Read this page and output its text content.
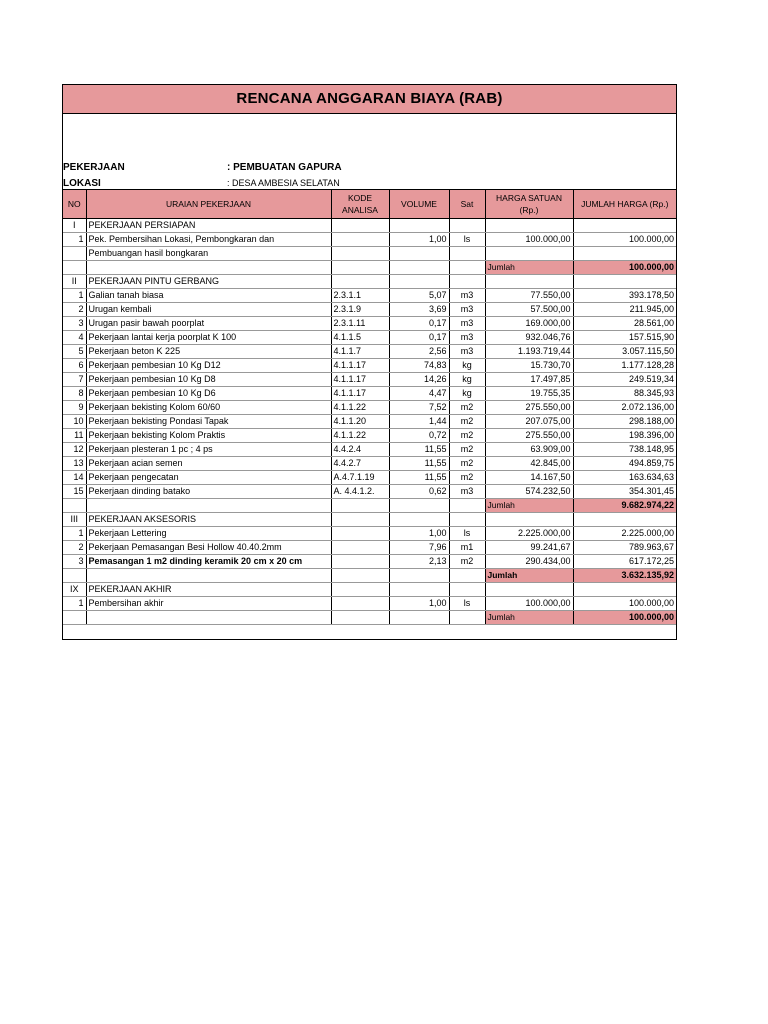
RENCANA ANGGARAN BIAYA (RAB)
PEKERJAAN	: PEMBUATAN GAPURA
LOKASI	: DESA AMBESIA SELATAN
NO	URAIAN PEKERJAAN	KODE ANALISA	VOLUME	Sat	HARGA SATUAN (Rp.)	JUMLAH HARGA (Rp.)
I	PEKERJAAN PERSIAPAN					
1	Pek. Pembersihan Lokasi, Pembongkaran dan		1,00	ls	100.000,00	100.000,00
	Pembuangan hasil bongkaran					
					Jumlah	100.000,00
II	PEKERJAAN PINTU GERBANG					
1	Galian tanah biasa	2.3.1.1	5,07	m3	77.550,00	393.178,50
2	Urugan kembali	2.3.1.9	3,69	m3	57.500,00	211.945,00
3	Urugan pasir bawah poorplat	2.3.1.11	0,17	m3	169.000,00	28.561,00
4	Pekerjaan lantai kerja poorplat K 100	4.1.1.5	0,17	m3	932.046,76	157.515,90
5	Pekerjaan beton K 225	4.1.1.7	2,56	m3	1.193.719,44	3.057.115,50
6	Pekerjaan pembesian 10 Kg D12	4.1.1.17	74,83	kg	15.730,70	1.177.128,28
7	Pekerjaan pembesian 10 Kg D8	4.1.1.17	14,26	kg	17.497,85	249.519,34
8	Pekerjaan pembesian 10 Kg D6	4.1.1.17	4,47	kg	19.755,35	88.345,93
9	Pekerjaan bekisting Kolom 60/60	4.1.1.22	7,52	m2	275.550,00	2.072.136,00
10	Pekerjaan bekisting Pondasi Tapak	4.1.1.20	1,44	m2	207.075,00	298.188,00
11	Pekerjaan bekisting Kolom Praktis	4.1.1.22	0,72	m2	275.550,00	198.396,00
12	Pekerjaan plesteran 1 pc ; 4 ps	4.4.2.4	11,55	m2	63.909,00	738.148,95
13	Pekerjaan acian semen	4.4.2.7	11,55	m2	42.845,00	494.859,75
14	Pekerjaan pengecatan	A.4.7.1.19	11,55	m2	14.167,50	163.634,63
15	Pekerjaan dinding batako	A. 4.4.1.2.	0,62	m3	574.232,50	354.301,45
					Jumlah	9.682.974,22
III	PEKERJAAN AKSESORIS					
1	Pekerjaan Lettering		1,00	ls	2.225.000,00	2.225.000,00
2	Pekerjaan Pemasangan Besi Hollow 40.40.2mm		7,96	m1	99.241,67	789.963,67
3	Pemasangan 1 m2 dinding keramik 20 cm x 20 cm		2,13	m2	290.434,00	617.172,25
					Jumlah	3.632.135,92
IX	PEKERJAAN AKHIR					
1	Pembersihan akhir		1,00	ls	100.000,00	100.000,00
					Jumlah	100.000,00
